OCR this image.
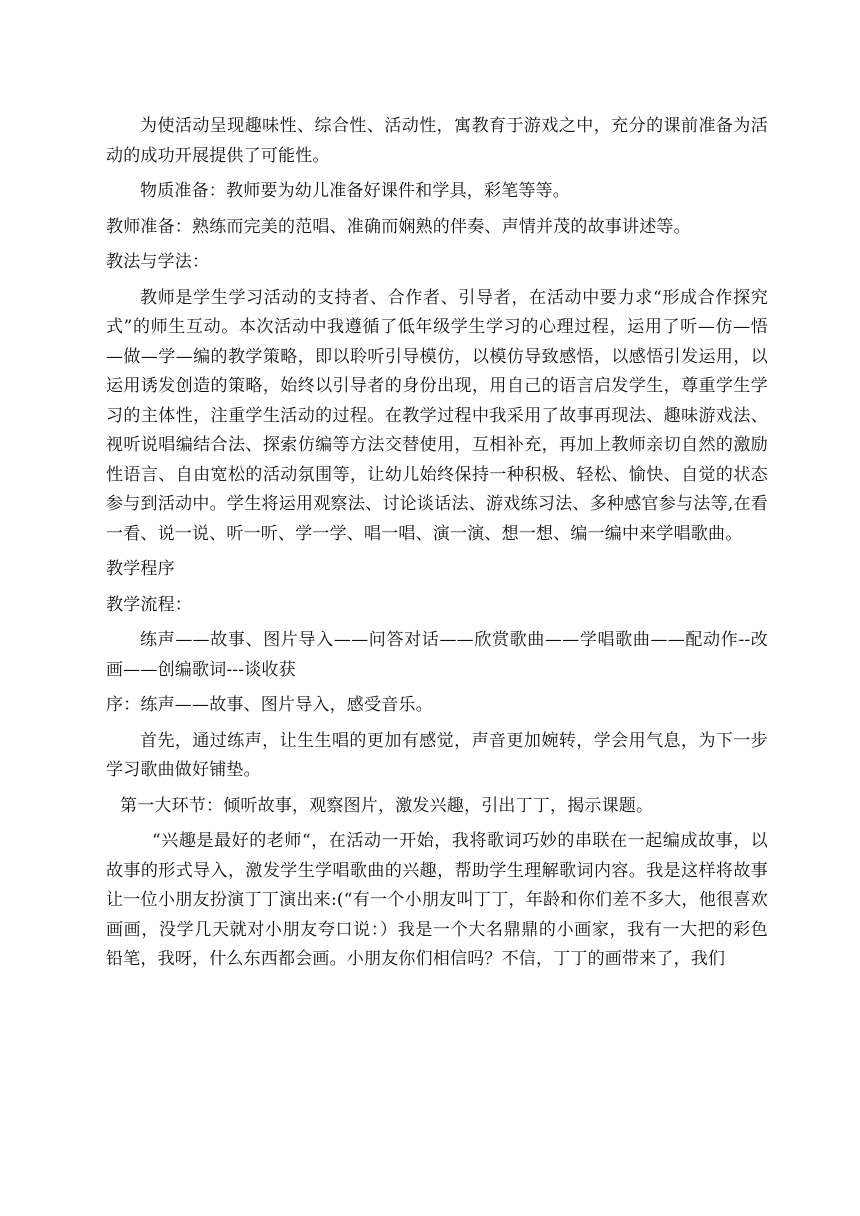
为使活动呈现趣味性、综合性、活动性，寓教育于游戏之中，充分的课前准备为活动的成功开展提供了可能性。

物质准备：教师要为幼儿准备好课件和学具，彩笔等等。

教师准备：熟练而完美的范唱、准确而娴熟的伴奏、声情并茂的故事讲述等。

教法与学法：

教师是学生学习活动的支持者、合作者、引导者，在活动中要力求“形成合作探究式”的师生互动。本次活动中我遵循了低年级学生学习的心理过程，运用了听—仿—悟—做—学—编的教学策略，即以聆听引导模仿，以模仿导致感悟，以感悟引发运用，以运用诱发创造的策略，始终以引导者的身份出现，用自己的语言启发学生，尊重学生学习的主体性，注重学生活动的过程。在教学过程中我采用了故事再现法、趣味游戏法、视听说唱编结合法、探索仿编等方法交替使用，互相补充，再加上教师亲切自然的激励性语言、自由宽松的活动氛围等，让幼儿始终保持一种积极、轻松、愉快、自觉的状态参与到活动中。学生将运用观察法、讨论谈话法、游戏练习法、多种感官参与法等,在看一看、说一说、听一听、学一学、唱一唱、演一演、想一想、编一编中来学唱歌曲。

教学程序

教学流程：

练声——故事、图片导入——问答对话——欣赏歌曲——学唱歌曲——配动作--改画——创编歌词---谈收获

序：练声——故事、图片导入，感受音乐。

首先，通过练声，让生生唱的更加有感觉，声音更加婉转，学会用气息，为下一步学习歌曲做好铺垫。

第一大环节：倾听故事，观察图片，激发兴趣，引出丁丁，揭示课题。

“兴趣是最好的老师“，在活动一开始，我将歌词巧妙的串联在一起编成故事，以故事的形式导入，激发学生学唱歌曲的兴趣，帮助学生理解歌词内容。我是这样将故事让一位小朋友扮演丁丁演出来:(“有一个小朋友叫丁丁，年龄和你们差不多大，他很喜欢画画，没学几天就对小朋友夸口说：）我是一个大名鼎鼎的小画家，我有一大把的彩色铅笔，我呀，什么东西都会画。小朋友你们相信吗？不信，丁丁的画带来了，我们
